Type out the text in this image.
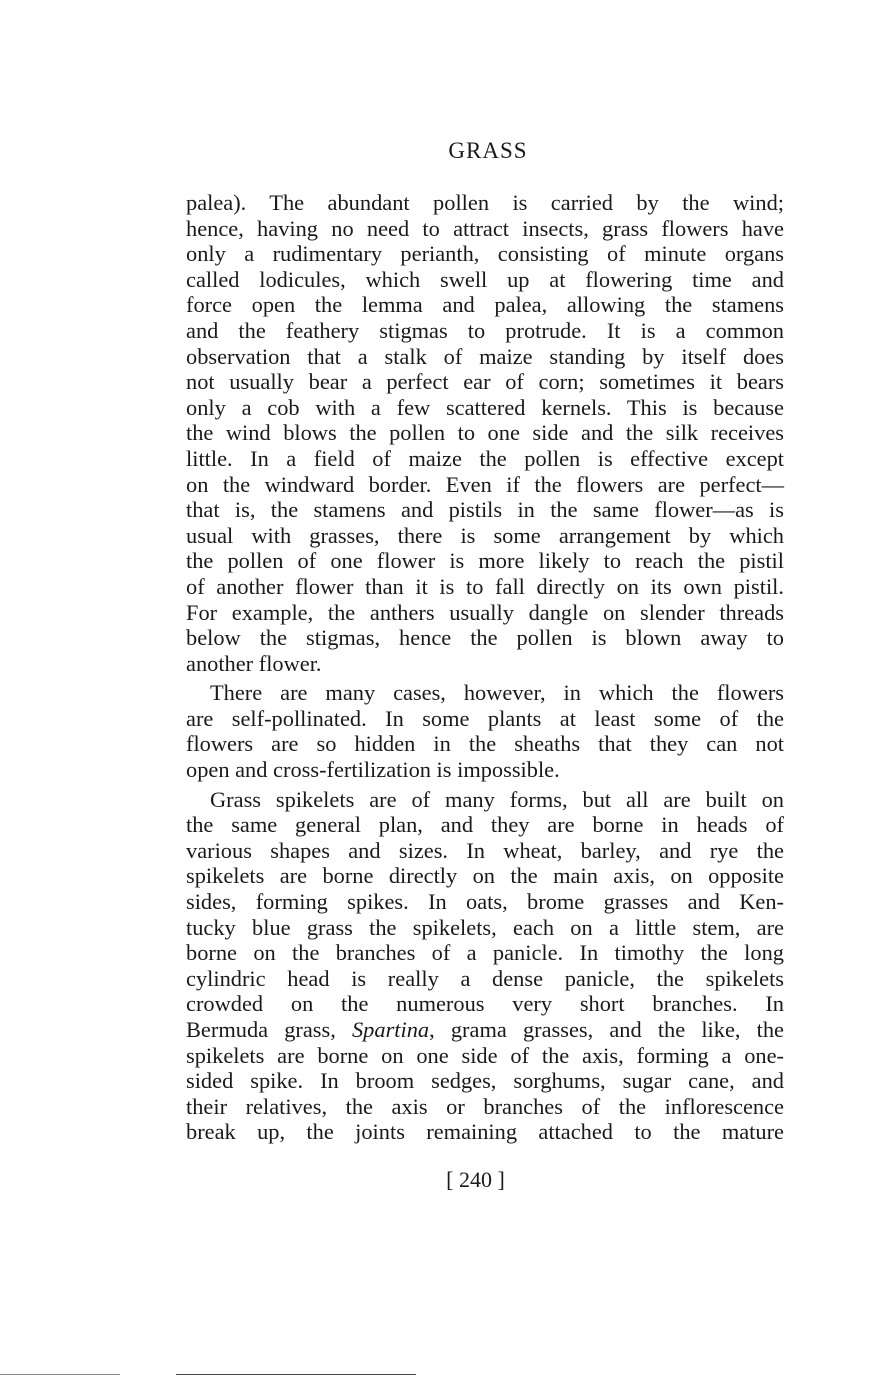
GRASS

palea). The abundant pollen is carried by the wind;
hence, having no need to attract insects, grass flowers have
only a rudimentary perianth, consisting of minute organs
called lodicules, which swell up at flowering time and
force open the lemma and palea, allowing the stamens
and the feathery stigmas to protrude. It is a common
observation that a stalk of maize standing by itself does
not usually bear a perfect ear of corn; sometimes it bears
only a cob with a few scattered kernels. This is because
the wind blows the pollen to one side and the silk receives
little. In a field of maize the pollen is effective except
on the windward border. Even if the flowers are perfect—
that is, the stamens and pistils in the same flower—as is
usual with grasses, there is some arrangement by which
the pollen of one flower is more likely to reach the pistil
of another flower than it is to fall directly on its own pistil.
For example, the anthers usually dangle on slender threads
below the stigmas, hence the pollen is blown away to
another flower.

There are many cases, however, in which the flowers
are self-pollinated. In some plants at least some of the
flowers are so hidden in the sheaths that they can not
open and cross-fertilization is impossible.

Grass spikelets are of many forms, but all are built on
the same general plan, and they are borne in heads of
various shapes and sizes. In wheat, barley, and rye the
spikelets are borne directly on the main axis, on opposite
sides, forming spikes. In oats, brome grasses and Ken-
tucky blue grass the spikelets, each on a little stem, are
borne on the branches of a panicle. In timothy the long
cylindric head is really a dense panicle, the spikelets
crowded on the numerous very short branches. In
Bermuda grass, Spartina, grama grasses, and the like, the
spikelets are borne on one side of the axis, forming a one-
sided spike. In broom sedges, sorghums, sugar cane, and
their relatives, the axis or branches of the inflorescence
break up, the joints remaining attached to the mature

[ 240 ]
